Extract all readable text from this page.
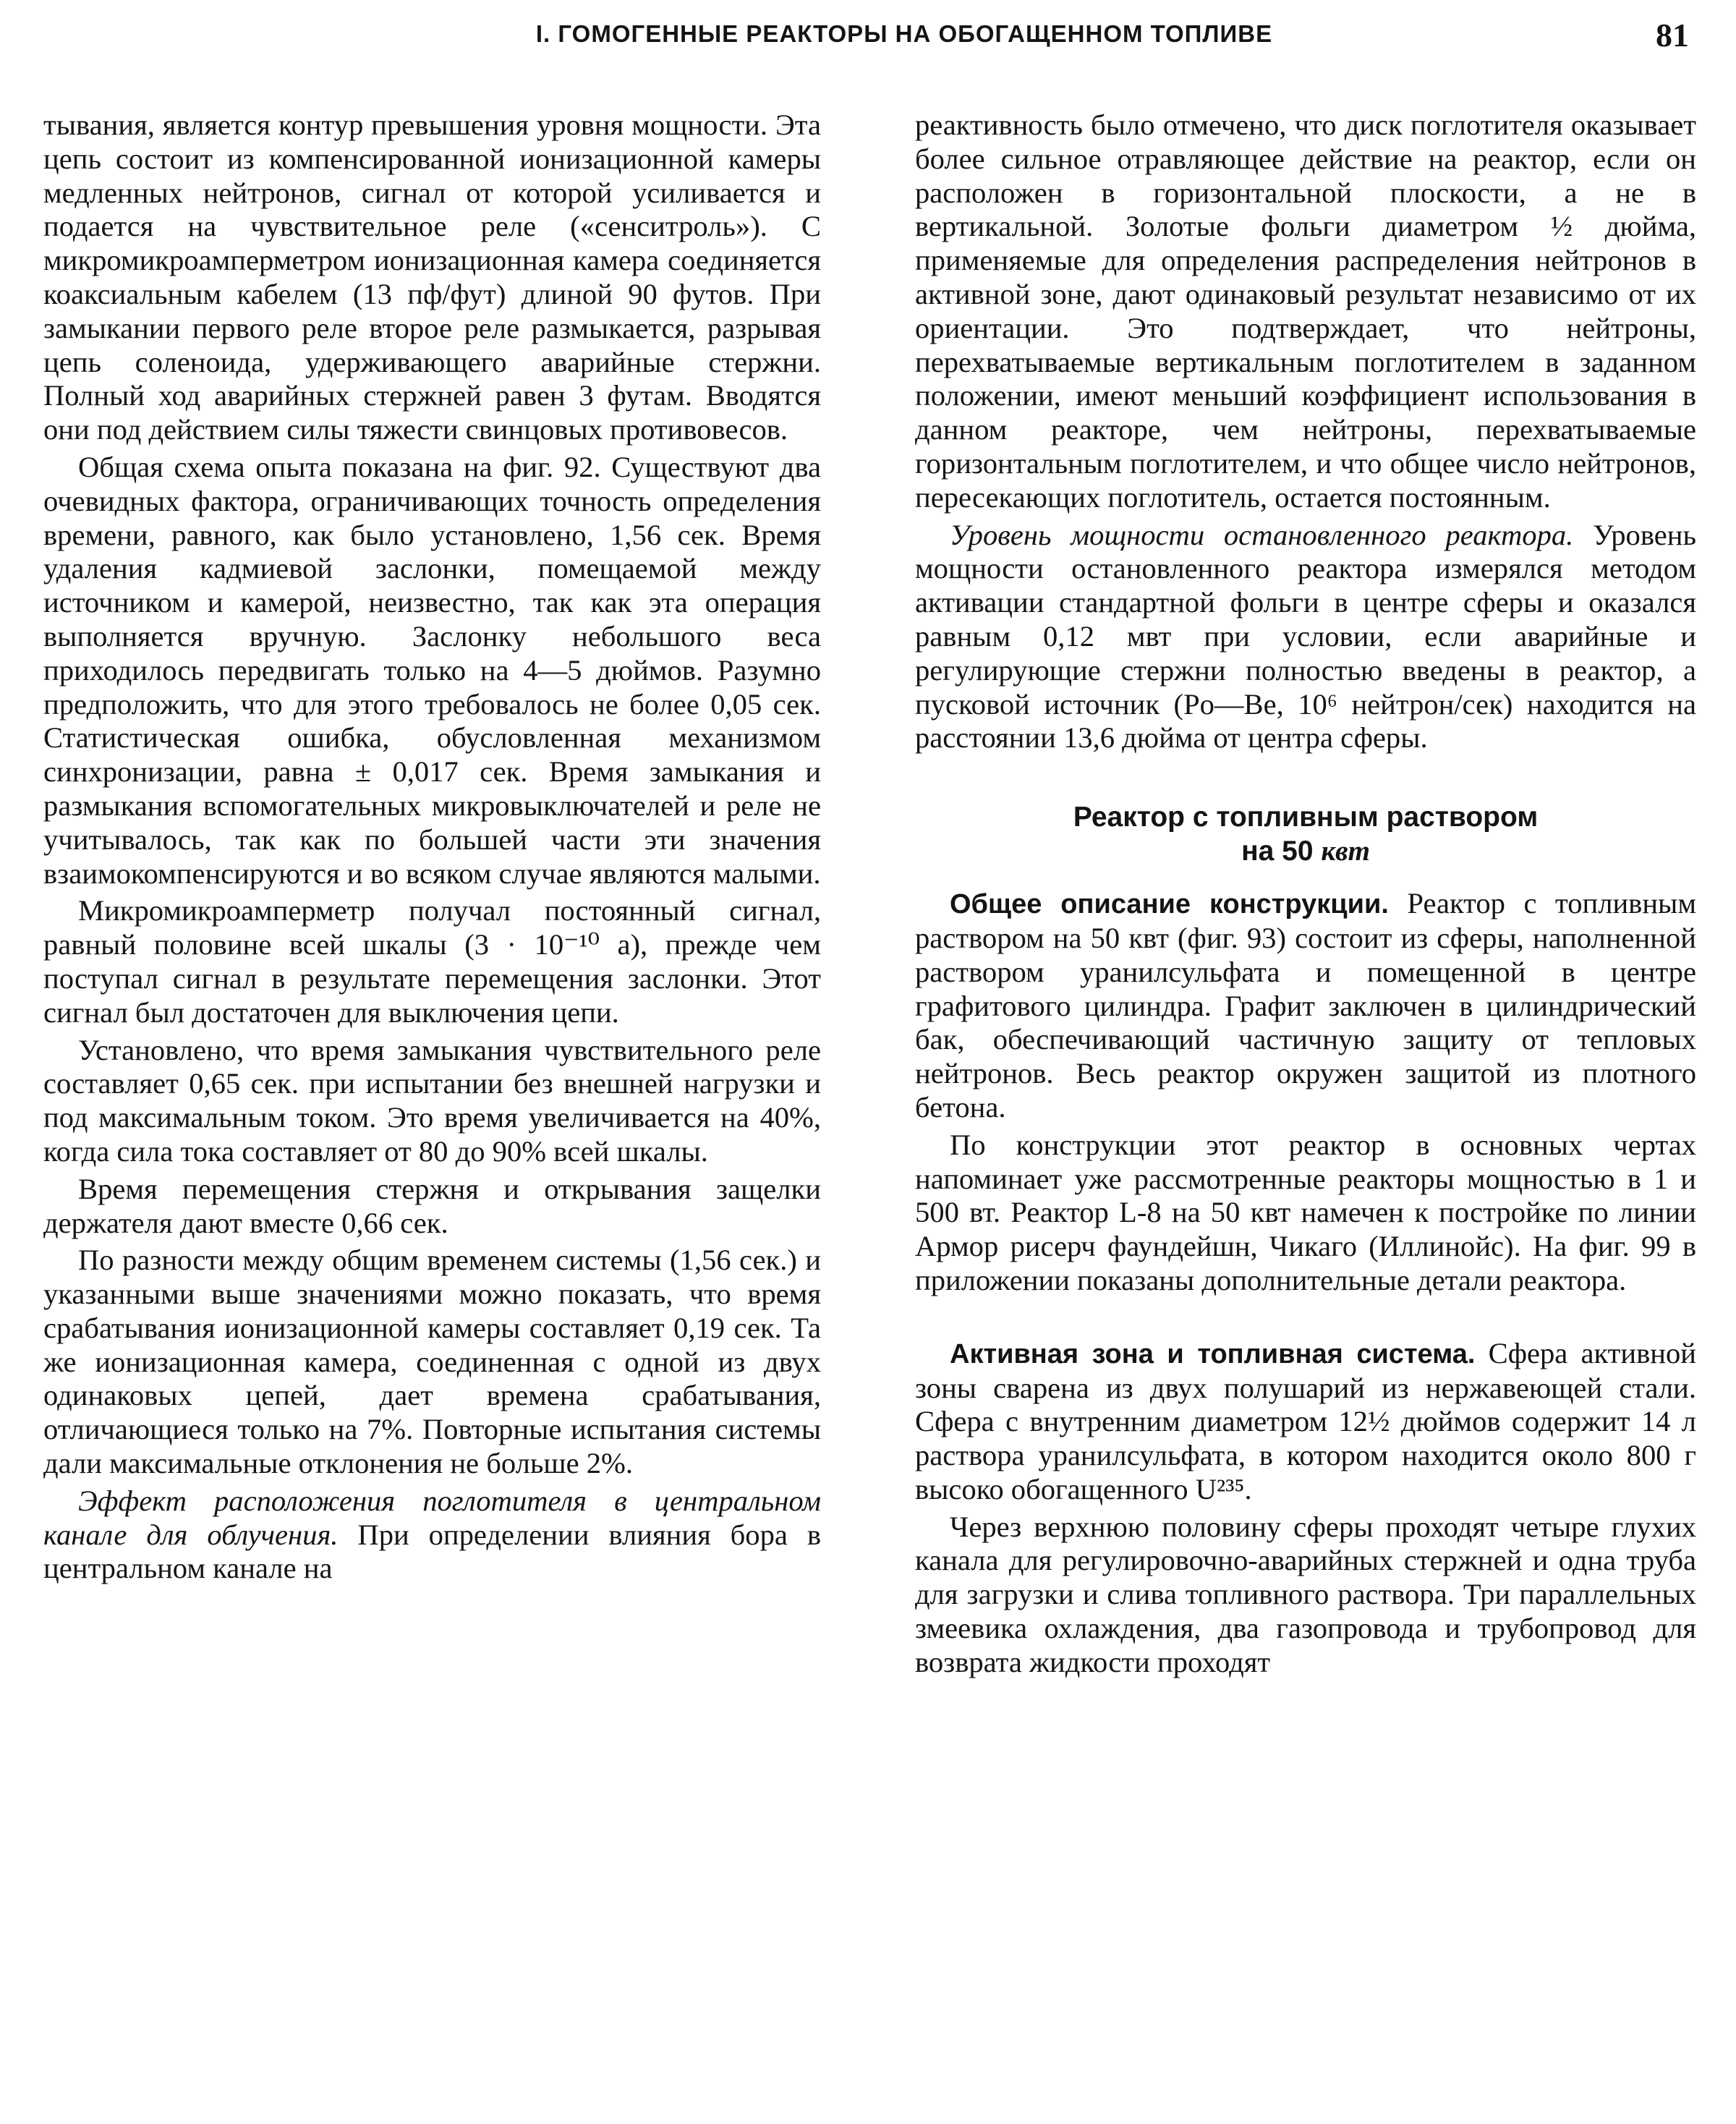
I. ГОМОГЕННЫЕ РЕАКТОРЫ НА ОБОГАЩЕННОМ ТОПЛИВЕ	81

тывания, является контур превышения уровня мощности. Эта цепь состоит из компенсированной ионизационной камеры медленных нейтронов, сигнал от которой усиливается и подается на чувствительное реле («сенситроль»). С микромикроамперметром ионизационная камера соединяется коаксиальным кабелем (13 пф/фут) длиной 90 футов. При замыкании первого реле второе реле размыкается, разрывая цепь соленоида, удерживающего аварийные стержни. Полный ход аварийных стержней равен 3 футам. Вводятся они под действием силы тяжести свинцовых противовесов.

Общая схема опыта показана на фиг. 92. Существуют два очевидных фактора, ограничивающих точность определения времени, равного, как было установлено, 1,56 сек. Время удаления кадмиевой заслонки, помещаемой между источником и камерой, неизвестно, так как эта операция выполняется вручную. Заслонку небольшого веса приходилось передвигать только на 4—5 дюймов. Разумно предположить, что для этого требовалось не более 0,05 сек. Статистическая ошибка, обусловленная механизмом синхронизации, равна ± 0,017 сек. Время замыкания и размыкания вспомогательных микровыключателей и реле не учитывалось, так как по большей части эти значения взаимокомпенсируются и во всяком случае являются малыми.

Микромикроамперметр получал постоянный сигнал, равный половине всей шкалы (3 · 10⁻¹⁰ а), прежде чем поступал сигнал в результате перемещения заслонки. Этот сигнал был достаточен для выключения цепи.

Установлено, что время замыкания чувствительного реле составляет 0,65 сек. при испытании без внешней нагрузки и под максимальным током. Это время увеличивается на 40%, когда сила тока составляет от 80 до 90% всей шкалы.

Время перемещения стержня и открывания защелки держателя дают вместе 0,66 сек.

По разности между общим временем системы (1,56 сек.) и указанными выше значениями можно показать, что время срабатывания ионизационной камеры составляет 0,19 сек. Та же ионизационная камера, соединенная с одной из двух одинаковых цепей, дает времена срабатывания, отличающиеся только на 7%. Повторные испытания системы дали максимальные отклонения не больше 2%.

Эффект расположения поглотителя в центральном канале для облучения. При определении влияния бора в центральном канале на

реактивность было отмечено, что диск поглотителя оказывает более сильное отравляющее действие на реактор, если он расположен в горизонтальной плоскости, а не в вертикальной. Золотые фольги диаметром ½ дюйма, применяемые для определения распределения нейтронов в активной зоне, дают одинаковый результат независимо от их ориентации. Это подтверждает, что нейтроны, перехватываемые вертикальным поглотителем в заданном положении, имеют меньший коэффициент использования в данном реакторе, чем нейтроны, перехватываемые горизонтальным поглотителем, и что общее число нейтронов, пересекающих поглотитель, остается постоянным.

Уровень мощности остановленного реактора. Уровень мощности остановленного реактора измерялся методом активации стандартной фольги в центре сферы и оказался равным 0,12 мвт при условии, если аварийные и регулирующие стержни полностью введены в реактор, а пусковой источник (Po—Be, 10⁶ нейтрон/сек) находится на расстоянии 13,6 дюйма от центра сферы.

Реактор с топливным раствором
на 50 квт

Общее описание конструкции. Реактор с топливным раствором на 50 квт (фиг. 93) состоит из сферы, наполненной раствором уранилсульфата и помещенной в центре графитового цилиндра. Графит заключен в цилиндрический бак, обеспечивающий частичную защиту от тепловых нейтронов. Весь реактор окружен защитой из плотного бетона.

По конструкции этот реактор в основных чертах напоминает уже рассмотренные реакторы мощностью в 1 и 500 вт. Реактор L-8 на 50 квт намечен к постройке по линии Армор рисерч фаундейшн, Чикаго (Иллинойс). На фиг. 99 в приложении показаны дополнительные детали реактора.

Активная зона и топливная система. Сфера активной зоны сварена из двух полушарий из нержавеющей стали. Сфера с внутренним диаметром 12½ дюймов содержит 14 л раствора уранилсульфата, в котором находится около 800 г высоко обогащенного U²³⁵.

Через верхнюю половину сферы проходят четыре глухих канала для регулировочно-аварийных стержней и одна труба для загрузки и слива топливного раствора. Три параллельных змеевика охлаждения, два газопровода и трубопровод для возврата жидкости проходят
